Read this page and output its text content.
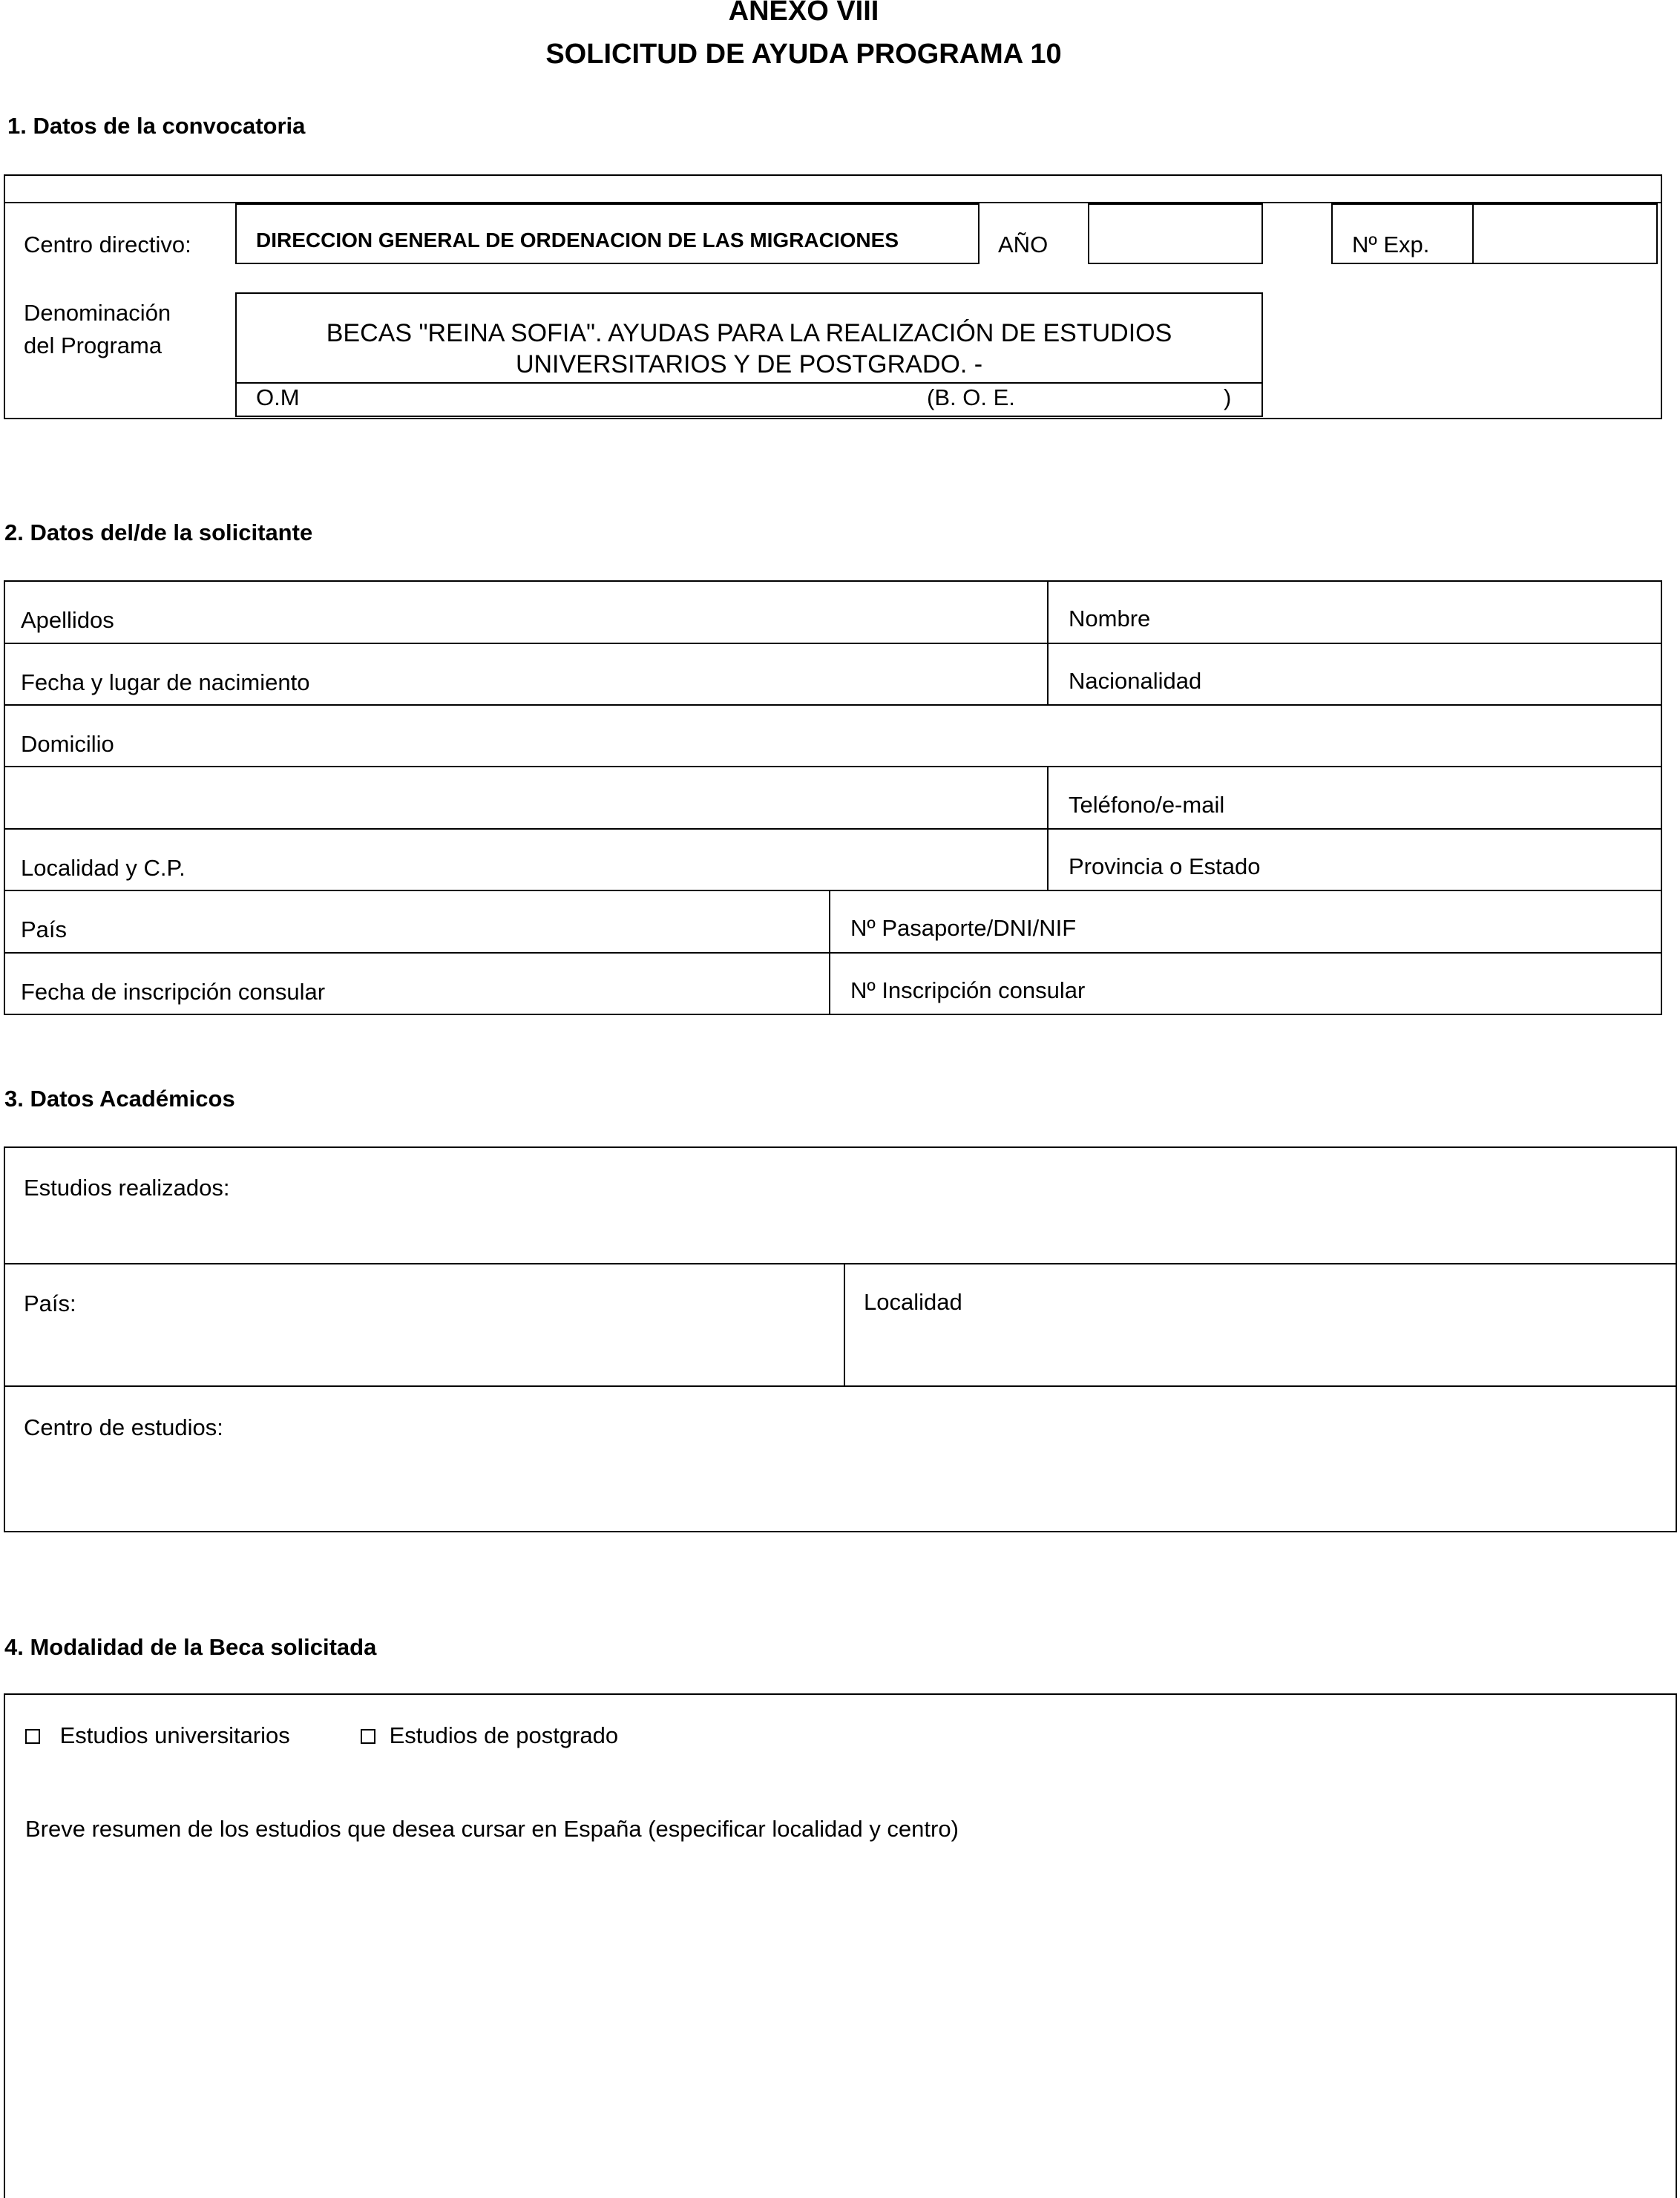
ANEXO VIII
SOLICITUD DE AYUDA PROGRAMA 10
1. Datos de la convocatoria
Centro directivo:	DIRECCION GENERAL DE ORDENACION DE LAS MIGRACIONES	AÑO	Nº Exp.
Denominación
del Programa	BECAS "REINA SOFIA". AYUDAS PARA LA REALIZACIÓN DE ESTUDIOS
UNIVERSITARIOS Y DE POSTGRADO. -
O.M	(B. O. E.	)
2. Datos del/de la solicitante
Apellidos	Nombre
Fecha y lugar de nacimiento	Nacionalidad
Domicilio
Teléfono/e-mail
Localidad y C.P.	Provincia o Estado
País	Nº Pasaporte/DNI/NIF
Fecha de inscripción consular	Nº Inscripción consular
3. Datos Académicos
Estudios realizados:
País:	Localidad
Centro de estudios:
4. Modalidad de la Beca solicitada
Estudios universitarios	Estudios de postgrado
Breve resumen de los estudios que desea cursar en España (especificar localidad y centro)
